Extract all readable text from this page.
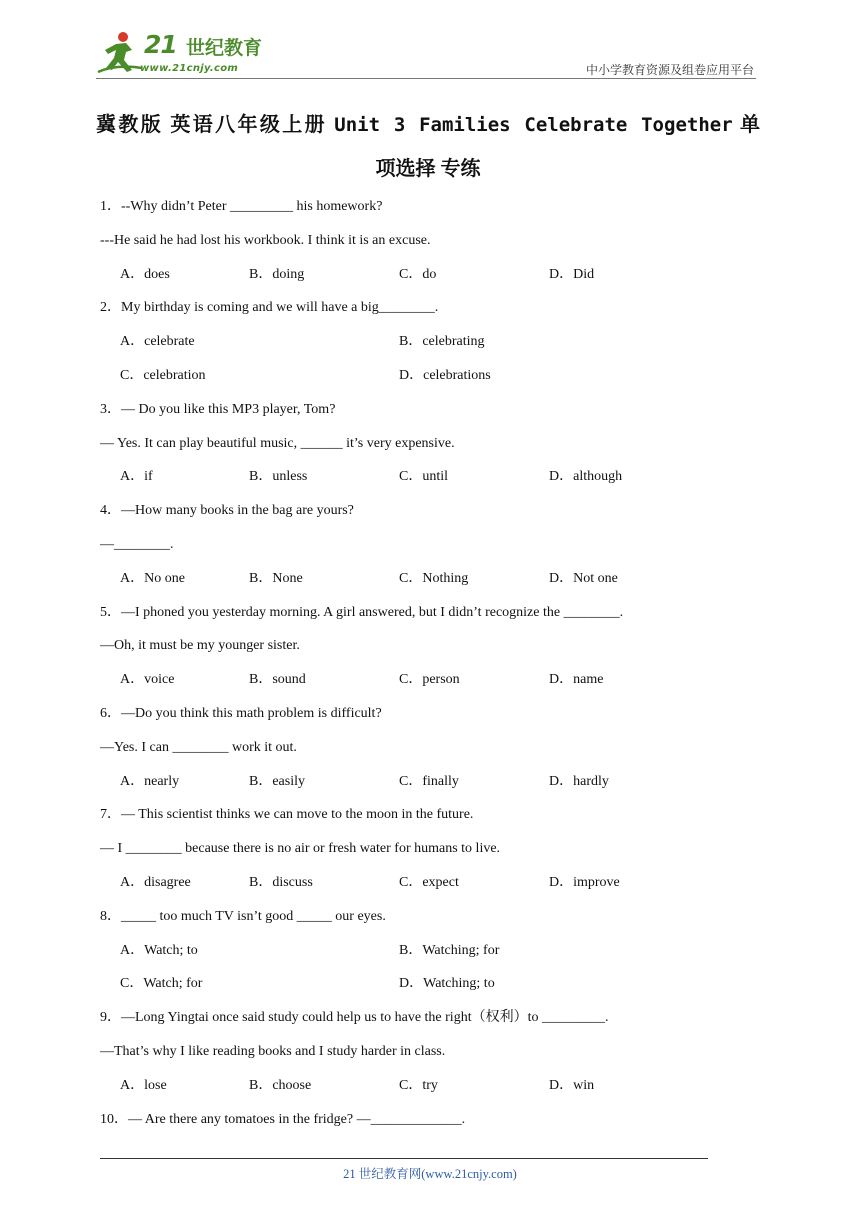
21 世纪教育
www.21cnjy.com	中小学教育资源及组卷应用平台
冀教版 英语八年级上册 Unit 3 Families Celebrate Together 单
项选择 专练
1．--Why didn’t Peter _________ his homework?
---He said he had lost his workbook. I think it is an excuse.
A．does	B．doing	C．do	D．Did
2．My birthday is coming and we will have a big________.
A．celebrate	B．celebrating
C．celebration	D．celebrations
3．— Do you like this MP3 player, Tom?
— Yes. It can play beautiful music, ______ it’s very expensive.
A．if	B．unless	C．until	D．although
4．—How many books in the bag are yours?
—________.
A．No one	B．None	C．Nothing	D．Not one
5．—I phoned you yesterday morning. A girl answered, but I didn’t recognize the ________.
—Oh, it must be my younger sister.
A．voice	B．sound	C．person	D．name
6．—Do you think this math problem is difficult?
—Yes. I can ________ work it out.
A．nearly	B．easily	C．finally	D．hardly
7．— This scientist thinks we can move to the moon in the future.
— I ________ because there is no air or fresh water for humans to live.
A．disagree	B．discuss	C．expect	D．improve
8．_____ too much TV isn’t good _____ our eyes.
A．Watch; to	B．Watching; for
C．Watch; for	D．Watching; to
9．—Long Yingtai once said study could help us to have the right（权利）to _________.
—That’s why I like reading books and I study harder in class.
A．lose	B．choose	C．try	D．win
10．— Are there any tomatoes in the fridge? —_____________.
21 世纪教育网(www.21cnjy.com)
